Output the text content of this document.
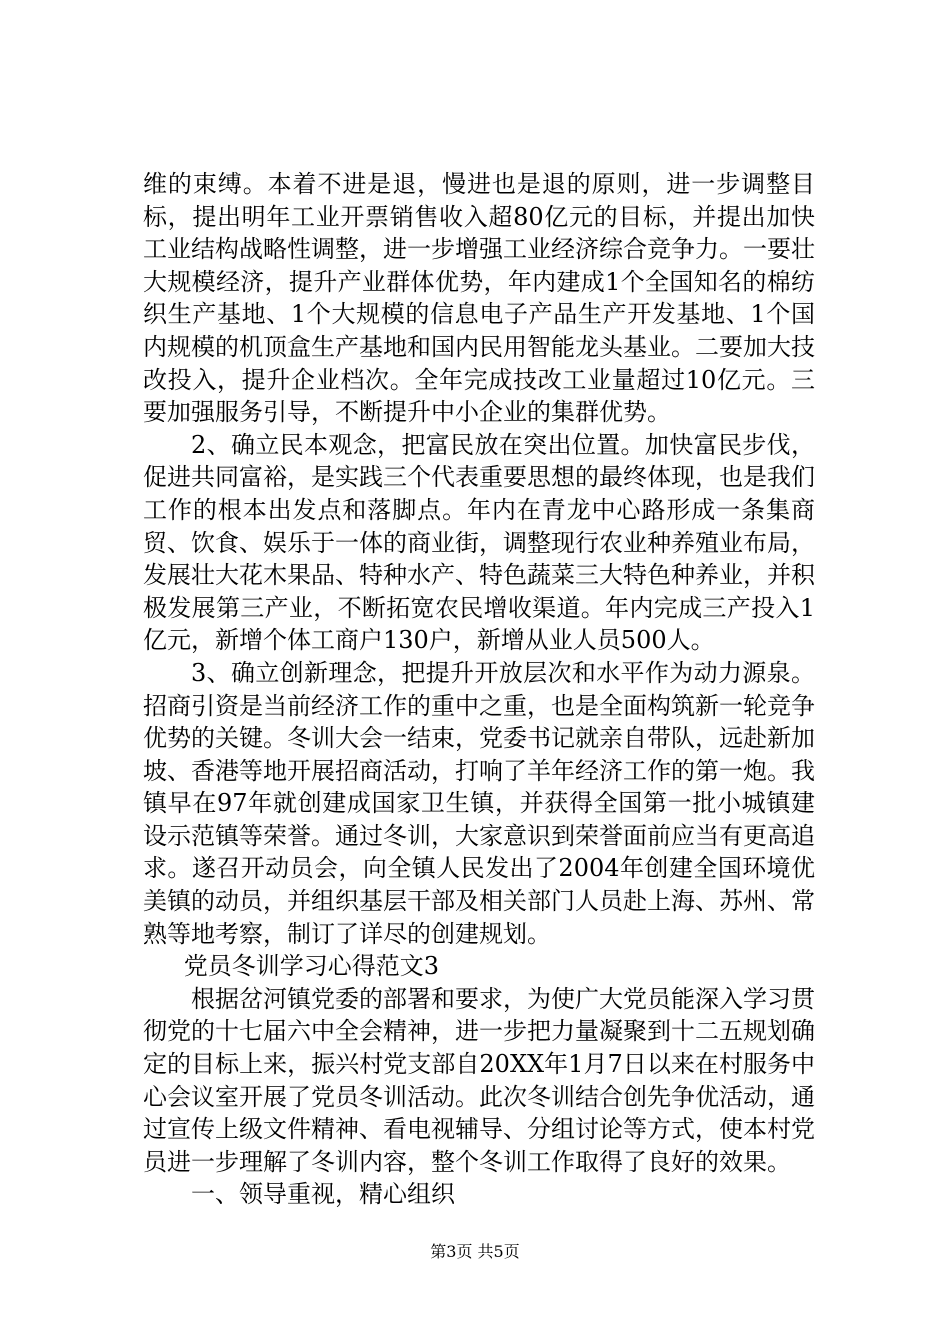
维的束缚。本着不进是退，慢进也是退的原则，进一步调整目标，提出明年工业开票销售收入超80亿元的目标，并提出加快工业结构战略性调整，进一步增强工业经济综合竞争力。一要壮大规模经济，提升产业群体优势，年内建成1个全国知名的棉纺织生产基地、1个大规模的信息电子产品生产开发基地、1个国内规模的机顶盒生产基地和国内民用智能龙头基业。二要加大技改投入，提升企业档次。全年完成技改工业量超过10亿元。三要加强服务引导，不断提升中小企业的集群优势。

2、确立民本观念，把富民放在突出位置。加快富民步伐，促进共同富裕，是实践三个代表重要思想的最终体现，也是我们工作的根本出发点和落脚点。年内在青龙中心路形成一条集商贸、饮食、娱乐于一体的商业街，调整现行农业种养殖业布局，发展壮大花木果品、特种水产、特色蔬菜三大特色种养业，并积极发展第三产业，不断拓宽农民增收渠道。年内完成三产投入1亿元，新增个体工商户130户，新增从业人员500人。

3、确立创新理念，把提升开放层次和水平作为动力源泉。招商引资是当前经济工作的重中之重，也是全面构筑新一轮竞争优势的关键。冬训大会一结束，党委书记就亲自带队，远赴新加坡、香港等地开展招商活动，打响了羊年经济工作的第一炮。我镇早在97年就创建成国家卫生镇，并获得全国第一批小城镇建设示范镇等荣誉。通过冬训，大家意识到荣誉面前应当有更高追求。遂召开动员会，向全镇人民发出了2004年创建全国环境优美镇的动员，并组织基层干部及相关部门人员赴上海、苏州、常熟等地考察，制订了详尽的创建规划。

党员冬训学习心得范文3

根据岔河镇党委的部署和要求，为使广大党员能深入学习贯彻党的十七届六中全会精神，进一步把力量凝聚到十二五规划确定的目标上来，振兴村党支部自20XX年1月7日以来在村服务中心会议室开展了党员冬训活动。此次冬训结合创先争优活动，通过宣传上级文件精神、看电视辅导、分组讨论等方式，使本村党员进一步理解了冬训内容，整个冬训工作取得了良好的效果。

一、领导重视，精心组织

第3页 共5页
